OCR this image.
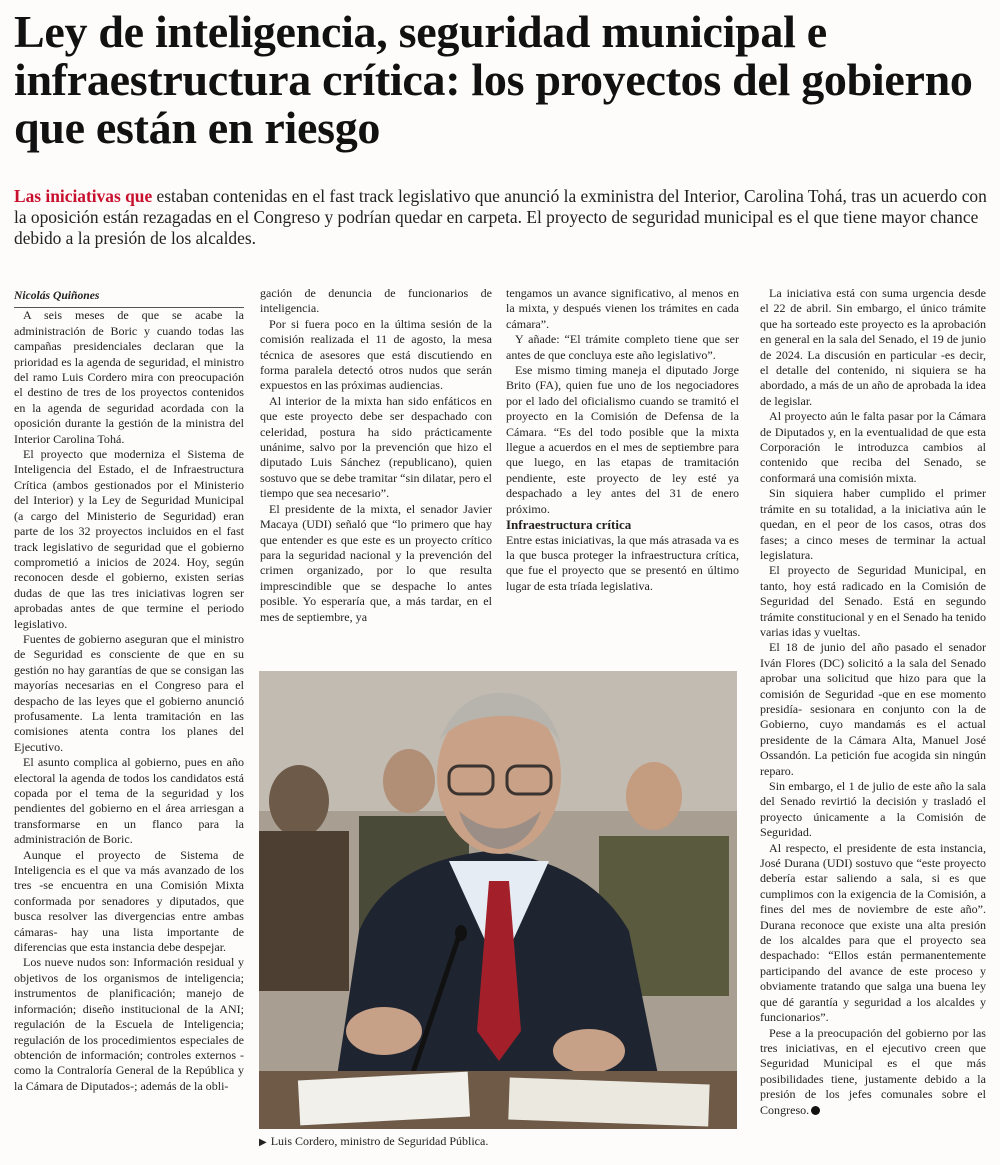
Ley de inteligencia, seguridad municipal e infraestructura crítica: los proyectos del gobierno que están en riesgo
Las iniciativas que estaban contenidas en el fast track legislativo que anunció la exministra del Interior, Carolina Tohá, tras un acuerdo con la oposición están rezagadas en el Congreso y podrían quedar en carpeta. El proyecto de seguridad municipal es el que tiene mayor chance debido a la presión de los alcaldes.

Nicolás Quiñones

A seis meses de que se acabe la administración de Boric y cuando todas las campañas presidenciales declaran que la prioridad es la agenda de seguridad, el ministro del ramo Luis Cordero mira con preocupación el destino de tres de los proyectos contenidos en la agenda de seguridad acordada con la oposición durante la gestión de la ministra del Interior Carolina Tohá.

El proyecto que moderniza el Sistema de Inteligencia del Estado, el de Infraestructura Crítica (ambos gestionados por el Ministerio del Interior) y la Ley de Seguridad Municipal (a cargo del Ministerio de Seguridad) eran parte de los 32 proyectos incluidos en el fast track legislativo de seguridad que el gobierno comprometió a inicios de 2024. Hoy, según reconocen desde el gobierno, existen serias dudas de que las tres iniciativas logren ser aprobadas antes de que termine el periodo legislativo.

Fuentes de gobierno aseguran que el ministro de Seguridad es consciente de que en su gestión no hay garantías de que se consigan las mayorías necesarias en el Congreso para el despacho de las leyes que el gobierno anunció profusamente. La lenta tramitación en las comisiones atenta contra los planes del Ejecutivo.

El asunto complica al gobierno, pues en año electoral la agenda de todos los candidatos está copada por el tema de la seguridad y los pendientes del gobierno en el área arriesgan a transformarse en un flanco para la administración de Boric.

Aunque el proyecto de Sistema de Inteligencia es el que va más avanzado de los tres -se encuentra en una Comisión Mixta conformada por senadores y diputados, que busca resolver las divergencias entre ambas cámaras- hay una lista importante de diferencias que esta instancia debe despejar.

Los nueve nudos son: Información residual y objetivos de los organismos de inteligencia; instrumentos de planificación; manejo de información; diseño institucional de la ANI; regulación de la Escuela de Inteligencia; regulación de los procedimientos especiales de obtención de información; controles externos -como la Contraloría General de la República y la Cámara de Diputados-; además de la obli-

gación de denuncia de funcionarios de inteligencia.

Por si fuera poco en la última sesión de la comisión realizada el 11 de agosto, la mesa técnica de asesores que está discutiendo en forma paralela detectó otros nudos que serán expuestos en las próximas audiencias.

Al interior de la mixta han sido enfáticos en que este proyecto debe ser despachado con celeridad, postura ha sido prácticamente unánime, salvo por la prevención que hizo el diputado Luis Sánchez (republicano), quien sostuvo que se debe tramitar “sin dilatar, pero el tiempo que sea necesario”.

El presidente de la mixta, el senador Javier Macaya (UDI) señaló que “lo primero que hay que entender es que este es un proyecto crítico para la seguridad nacional y la prevención del crimen organizado, por lo que resulta imprescindible que se despache lo antes posible. Yo esperaría que, a más tardar, en el mes de septiembre, ya

tengamos un avance significativo, al menos en la mixta, y después vienen los trámites en cada cámara”.

Y añade: “El trámite completo tiene que ser antes de que concluya este año legislativo”.

Ese mismo timing maneja el diputado Jorge Brito (FA), quien fue uno de los negociadores por el lado del oficialismo cuando se tramitó el proyecto en la Comisión de Defensa de la Cámara. “Es del todo posible que la mixta llegue a acuerdos en el mes de septiembre para que luego, en las etapas de tramitación pendiente, este proyecto de ley esté ya despachado a ley antes del 31 de enero próximo.

Infraestructura crítica

Entre estas iniciativas, la que más atrasada va es la que busca proteger la infraestructura crítica, que fue el proyecto que se presentó en último lugar de esta tríada legislativa.

La iniciativa está con suma urgencia desde el 22 de abril. Sin embargo, el único trámite que ha sorteado este proyecto es la aprobación en general en la sala del Senado, el 19 de junio de 2024. La discusión en particular -es decir, el detalle del contenido, ni siquiera se ha abordado, a más de un año de aprobada la idea de legislar.

Al proyecto aún le falta pasar por la Cámara de Diputados y, en la eventualidad de que esta Corporación le introduzca cambios al contenido que reciba del Senado, se conformará una comisión mixta.

Sin siquiera haber cumplido el primer trámite en su totalidad, a la iniciativa aún le quedan, en el peor de los casos, otras dos fases; a cinco meses de terminar la actual legislatura.

El proyecto de Seguridad Municipal, en tanto, hoy está radicado en la Comisión de Seguridad del Senado. Está en segundo trámite constitucional y en el Senado ha tenido varias idas y vueltas.

El 18 de junio del año pasado el senador Iván Flores (DC) solicitó a la sala del Senado aprobar una solicitud que hizo para que la comisión de Seguridad -que en ese momento presidía- sesionara en conjunto con la de Gobierno, cuyo mandamás es el actual presidente de la Cámara Alta, Manuel José Ossandón. La petición fue acogida sin ningún reparo.

Sin embargo, el 1 de julio de este año la sala del Senado revirtió la decisión y trasladó el proyecto únicamente a la Comisión de Seguridad.

Al respecto, el presidente de esta instancia, José Durana (UDI) sostuvo que “este proyecto debería estar saliendo a sala, si es que cumplimos con la exigencia de la Comisión, a fines del mes de noviembre de este año”. Durana reconoce que existe una alta presión de los alcaldes para que el proyecto sea despachado: “Ellos están permanentemente participando del avance de este proceso y obviamente tratando que salga una buena ley que dé garantía y seguridad a los alcaldes y funcionarios”.

Pese a la preocupación del gobierno por las tres iniciativas, en el ejecutivo creen que Seguridad Municipal es el que más posibilidades tiene, justamente debido a la presión de los jefes comunales sobre el Congreso.

▶ Luis Cordero, ministro de Seguridad Pública.
